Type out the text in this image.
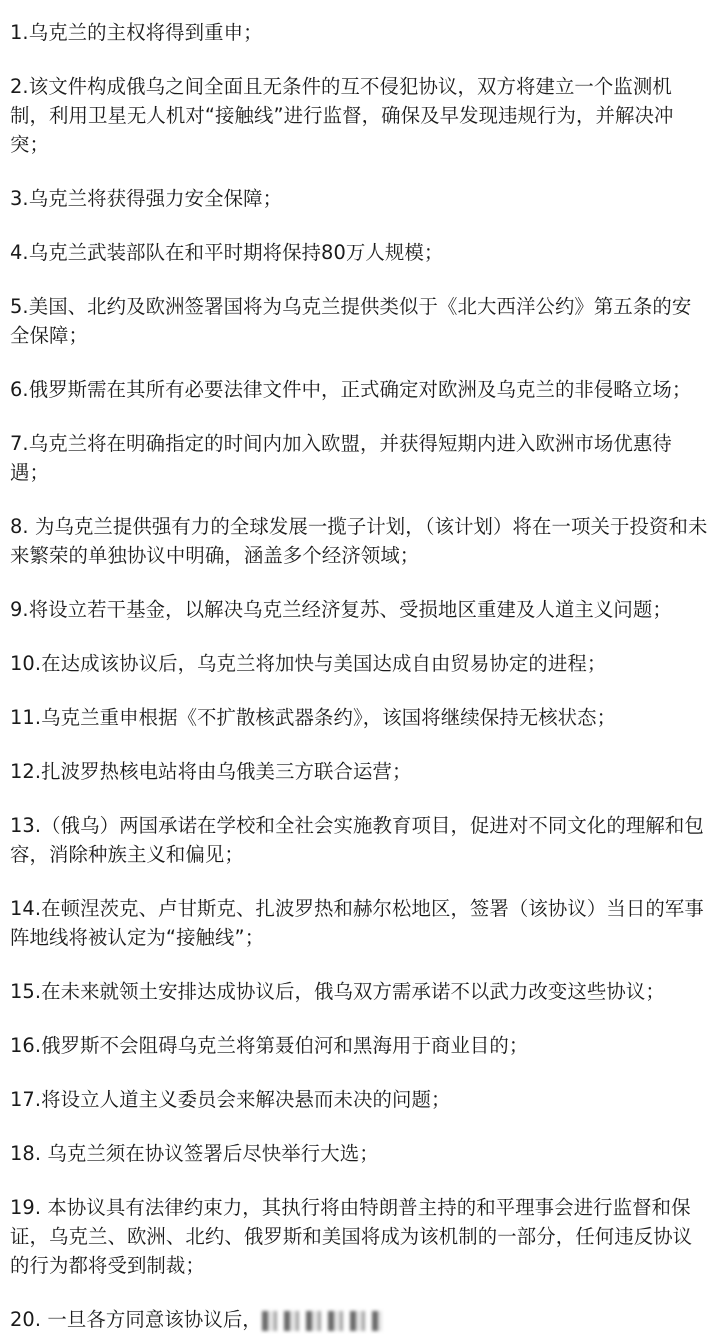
1.乌克兰的主权将得到重申；

2.该文件构成俄乌之间全面且无条件的互不侵犯协议，双方将建立一个监测机制，利用卫星无人机对“接触线”进行监督，确保及早发现违规行为，并解决冲突；

3.乌克兰将获得强力安全保障；

4.乌克兰武装部队在和平时期将保持80万人规模；

5.美国、北约及欧洲签署国将为乌克兰提供类似于《北大西洋公约》第五条的安全保障；

6.俄罗斯需在其所有必要法律文件中，正式确定对欧洲及乌克兰的非侵略立场；

7.乌克兰将在明确指定的时间内加入欧盟，并获得短期内进入欧洲市场优惠待遇；

8. 为乌克兰提供强有力的全球发展一揽子计划，（该计划）将在一项关于投资和未来繁荣的单独协议中明确，涵盖多个经济领域；

9.将设立若干基金，以解决乌克兰经济复苏、受损地区重建及人道主义问题；

10.在达成该协议后，乌克兰将加快与美国达成自由贸易协定的进程；

11.乌克兰重申根据《不扩散核武器条约》，该国将继续保持无核状态；

12.扎波罗热核电站将由乌俄美三方联合运营；

13.（俄乌）两国承诺在学校和全社会实施教育项目，促进对不同文化的理解和包容，消除种族主义和偏见；

14.在顿涅茨克、卢甘斯克、扎波罗热和赫尔松地区，签署（该协议）当日的军事阵地线将被认定为“接触线”；

15.在未来就领土安排达成协议后，俄乌双方需承诺不以武力改变这些协议；

16.俄罗斯不会阻碍乌克兰将第聂伯河和黑海用于商业目的；

17.将设立人道主义委员会来解决悬而未决的问题；

18. 乌克兰须在协议签署后尽快举行大选；

19. 本协议具有法律约束力，其执行将由特朗普主持的和平理事会进行监督和保证，乌克兰、欧洲、北约、俄罗斯和美国将成为该机制的一部分，任何违反协议的行为都将受到制裁；

20. 一旦各方同意该协议后，
